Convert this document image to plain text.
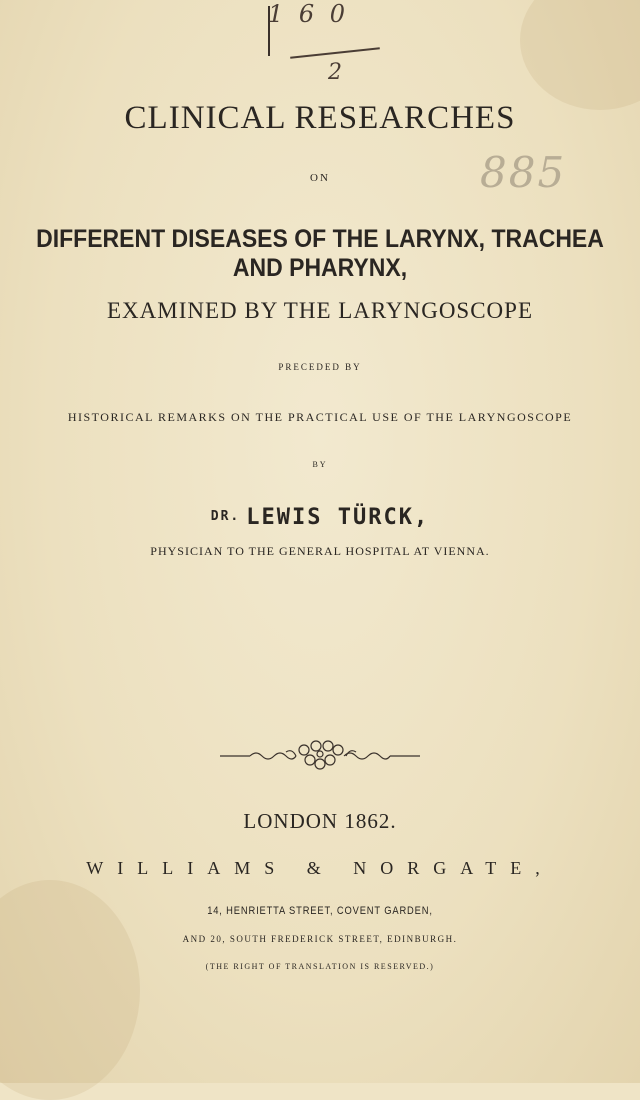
1 6 0
2
CLINICAL RESEARCHES
ON	885
DIFFERENT DISEASES OF THE LARYNX, TRACHEA AND PHARYNX,
EXAMINED BY THE LARYNGOSCOPE
PRECEDED BY
HISTORICAL REMARKS ON THE PRACTICAL USE OF THE LARYNGOSCOPE
BY
DR. LEWIS TÜRCK,
PHYSICIAN TO THE GENERAL HOSPITAL AT VIENNA.
LONDON 1862.
WILLIAMS & NORGATE,
14, HENRIETTA STREET, COVENT GARDEN,
AND 20, SOUTH FREDERICK STREET, EDINBURGH.
(THE RIGHT OF TRANSLATION IS RESERVED.)
